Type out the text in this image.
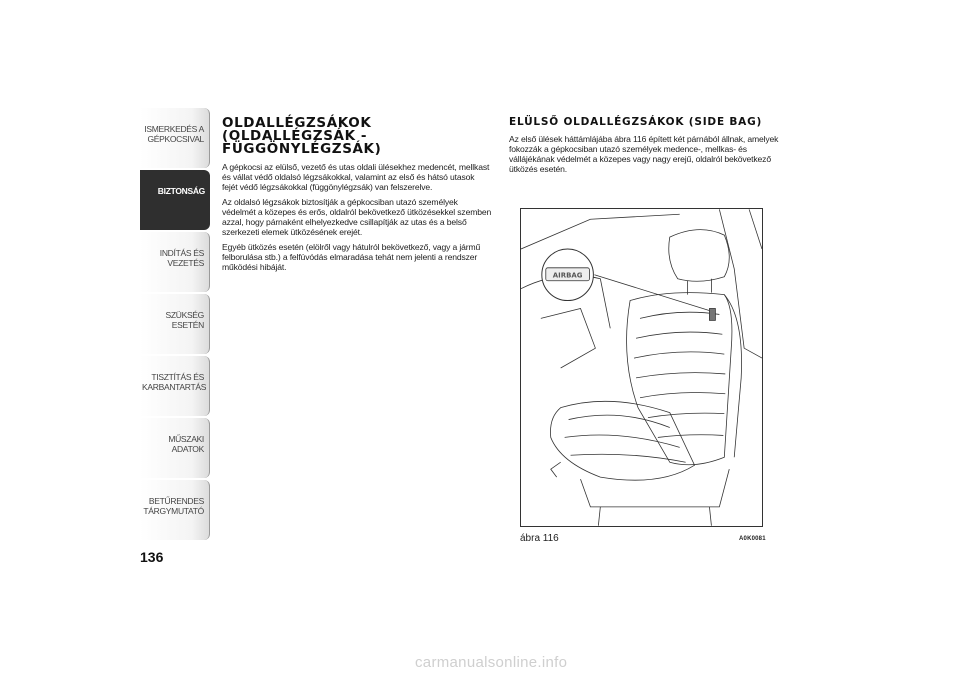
ISMERKEDÉS A GÉPKOCSIVAL
BIZTONSÁG
INDÍTÁS ÉS VEZETÉS
SZÜKSÉG ESETÉN
TISZTÍTÁS ÉS KARBANTARTÁS
MŰSZAKI ADATOK
BETŰRENDES TÁRGYMUTATÓ
136
OLDALLÉGZSÁKOK (OLDALLÉGZSÁK - FÜGGÖNYLÉGZSÁK)

A gépkocsi az elülső, vezető és utas oldali ülésekhez medencét, mellkast és vállat védő oldalsó légzsákokkal, valamint az első és hátsó utasok fejét védő légzsákokkal (függönylégzsák) van felszerelve.

Az oldalsó légzsákok biztosítják a gépkocsiban utazó személyek védelmét a közepes és erős, oldalról bekövetkező ütközésekkel szemben azzal, hogy párnaként elhelyezkedve csillapítják az utas és a belső szerkezeti elemek ütközésének erejét.

Egyéb ütközés esetén (elölről vagy hátulról bekövetkező, vagy a jármű felborulása stb.) a felfúvódás elmaradása tehát nem jelenti a rendszer működési hibáját.

ELÜLSŐ OLDALLÉGZSÁKOK (SIDE BAG)

Az első ülések háttámlájába ábra 116 épített két párnából állnak, amelyek fokozzák a gépkocsiban utazó személyek medence-, mellkas- és vállájékának védelmét a közepes vagy nagy erejű, oldalról bekövetkező ütközés esetén.

AIRBAG
ábra 116	A0K0081
carmanualsonline.info
